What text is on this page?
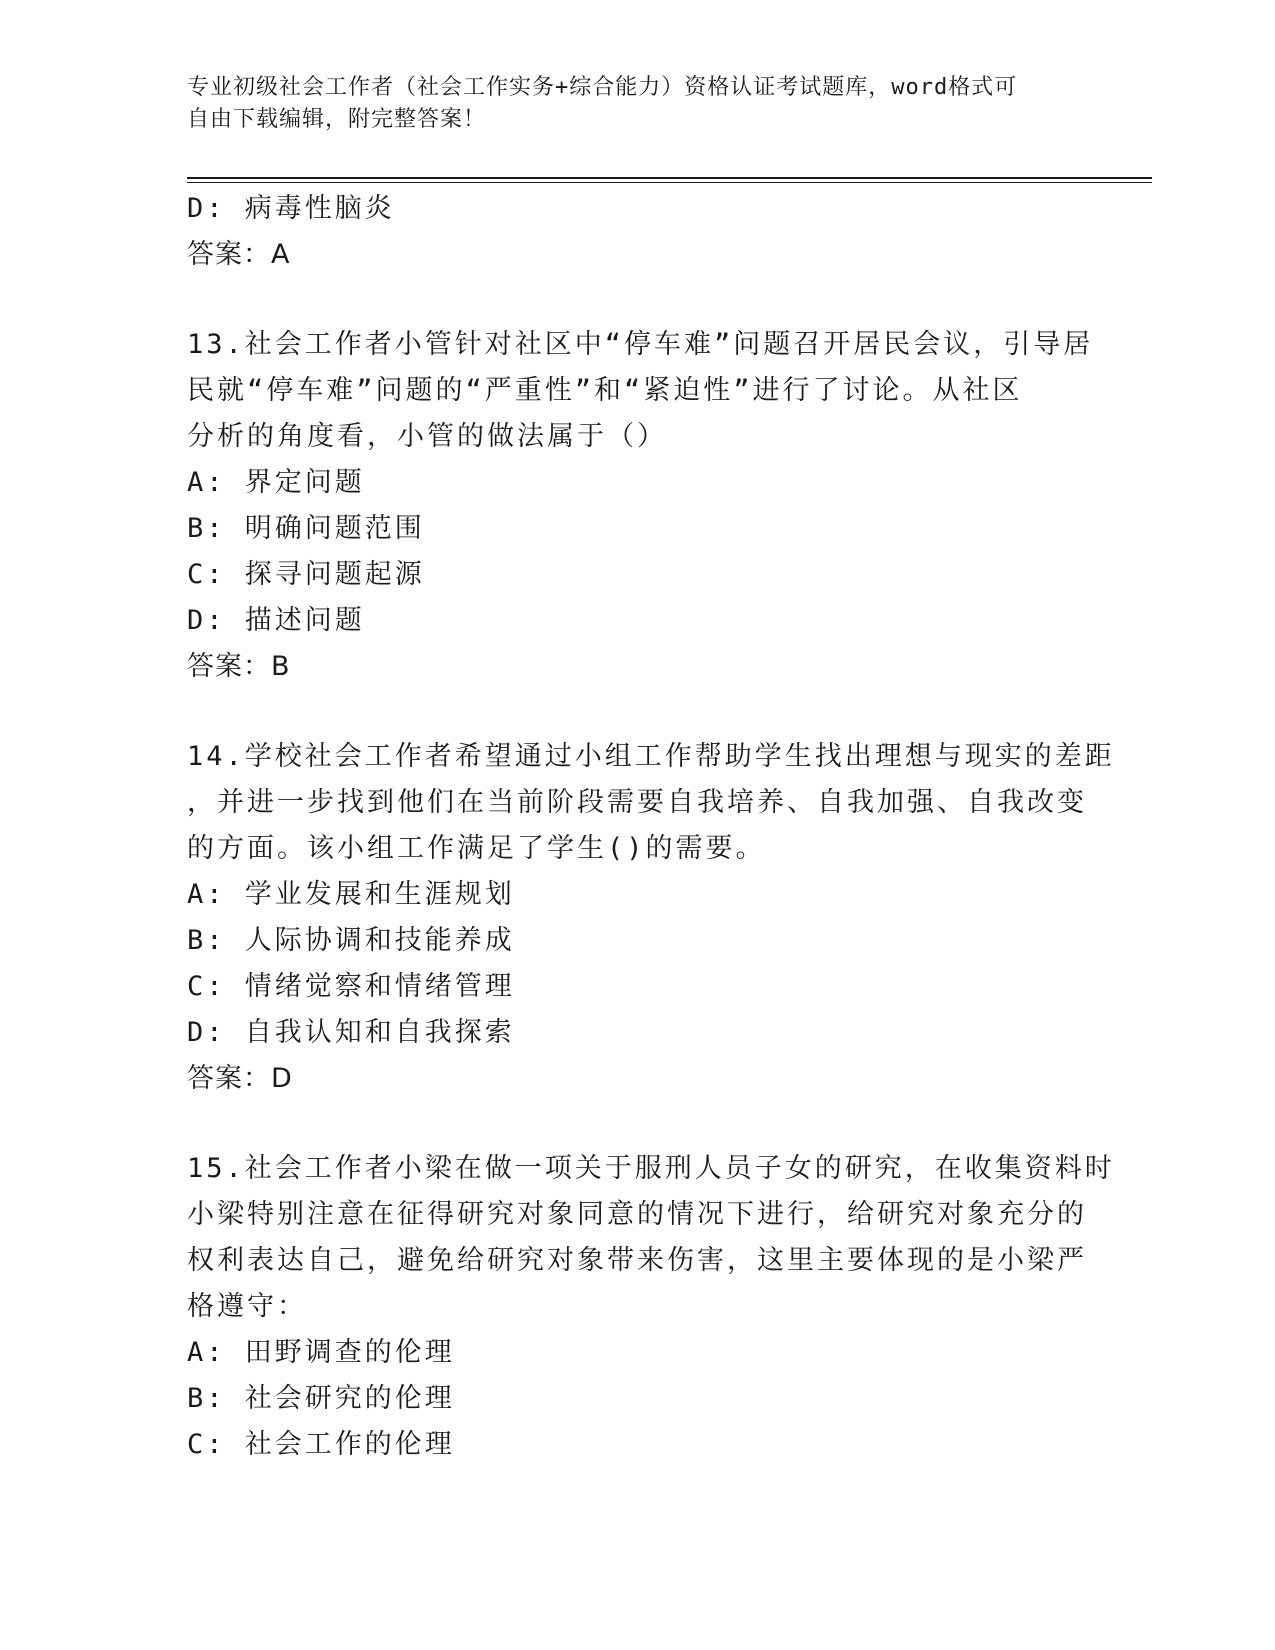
专业初级社会工作者（社会工作实务+综合能力）资格认证考试题库，word格式可
自由下载编辑，附完整答案！
D: 病毒性脑炎
答案：A
13.社会工作者小管针对社区中“停车难”问题召开居民会议，引导居
民就“停车难”问题的“严重性”和“紧迫性”进行了讨论。从社区
分析的角度看，小管的做法属于（）
A: 界定问题
B: 明确问题范围
C: 探寻问题起源
D: 描述问题
答案：B
14.学校社会工作者希望通过小组工作帮助学生找出理想与现实的差距
，并进一步找到他们在当前阶段需要自我培养、自我加强、自我改变
的方面。该小组工作满足了学生()的需要。
A: 学业发展和生涯规划
B: 人际协调和技能养成
C: 情绪觉察和情绪管理
D: 自我认知和自我探索
答案：D
15.社会工作者小梁在做一项关于服刑人员子女的研究，在收集资料时
小梁特别注意在征得研究对象同意的情况下进行，给研究对象充分的
权利表达自己，避免给研究对象带来伤害，这里主要体现的是小梁严
格遵守：
A: 田野调查的伦理
B: 社会研究的伦理
C: 社会工作的伦理
